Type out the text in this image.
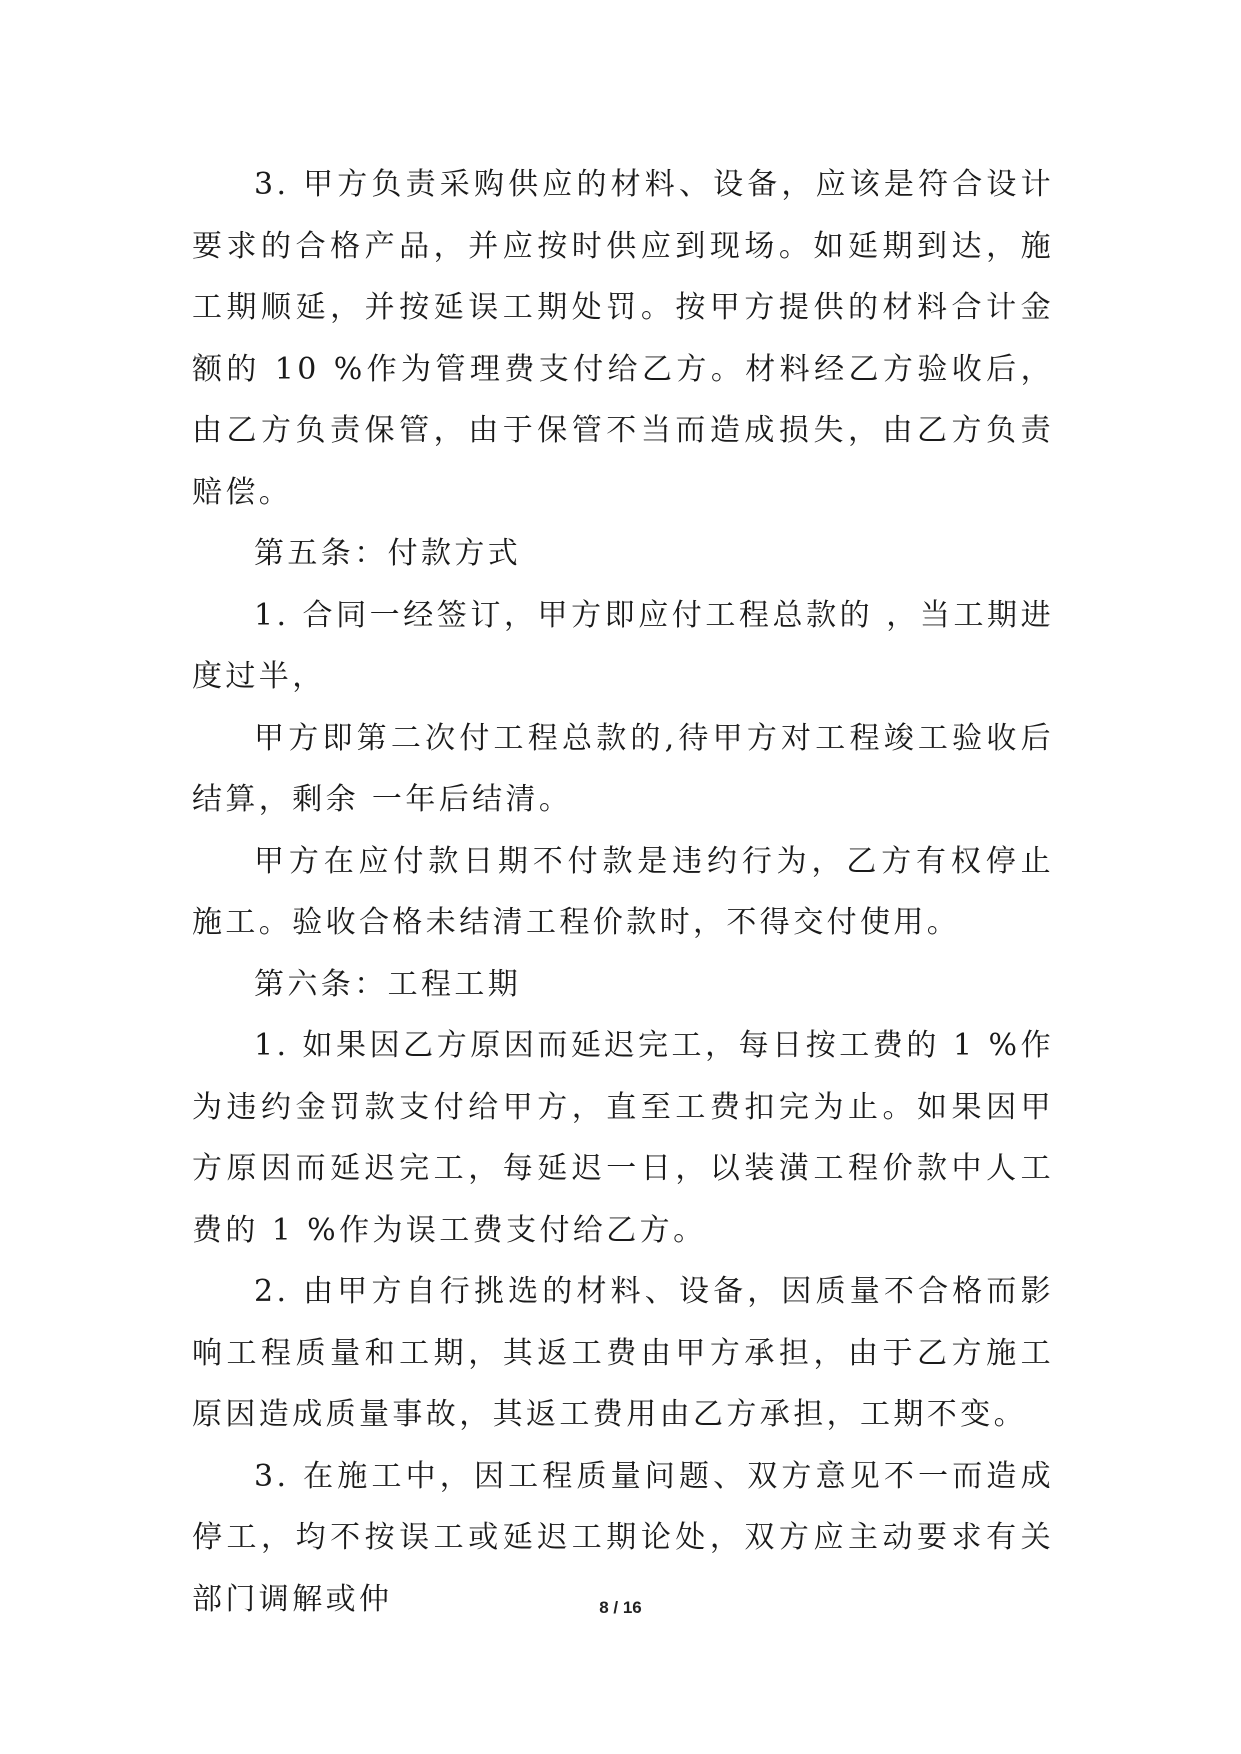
3. 甲方负责采购供应的材料、设备，应该是符合设计要求的合格产品，并应按时供应到现场。如延期到达，施工期顺延，并按延误工期处罚。按甲方提供的材料合计金额的 10 %作为管理费支付给乙方。材料经乙方验收后，由乙方负责保管，由于保管不当而造成损失，由乙方负责赔偿。

第五条：付款方式

1. 合同一经签订，甲方即应付工程总款的 ，当工期进度过半，

甲方即第二次付工程总款的,待甲方对工程竣工验收后结算，剩余 一年后结清。

甲方在应付款日期不付款是违约行为，乙方有权停止施工。验收合格未结清工程价款时，不得交付使用。

第六条：工程工期

1. 如果因乙方原因而延迟完工，每日按工费的 1 %作为违约金罚款支付给甲方，直至工费扣完为止。如果因甲方原因而延迟完工，每延迟一日，以装潢工程价款中人工费的 1 %作为误工费支付给乙方。

2. 由甲方自行挑选的材料、设备，因质量不合格而影响工程质量和工期，其返工费由甲方承担，由于乙方施工原因造成质量事故，其返工费用由乙方承担，工期不变。

3. 在施工中，因工程质量问题、双方意见不一而造成停工，均不按误工或延迟工期论处，双方应主动要求有关部门调解或仲	8 / 16
